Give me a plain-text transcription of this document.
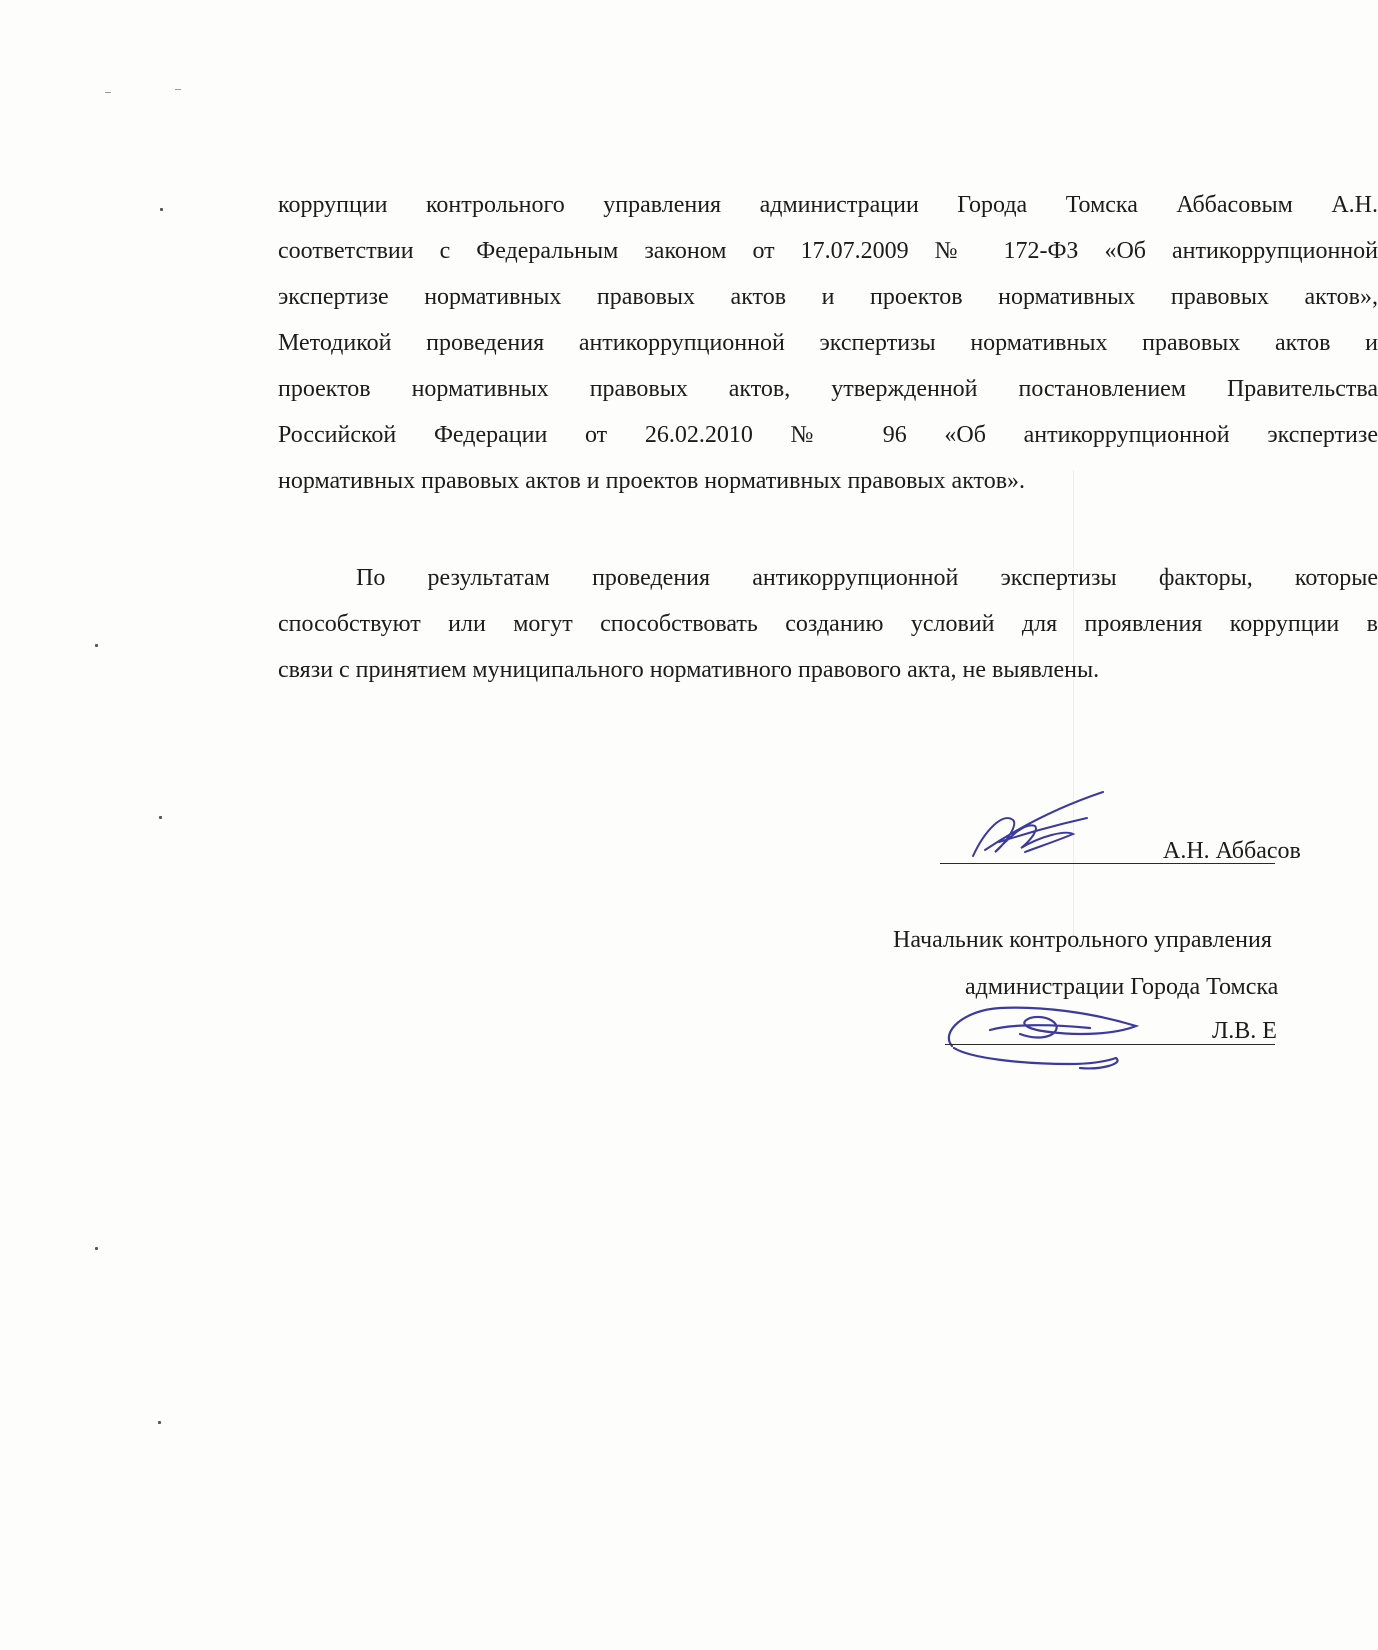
коррупции контрольного управления администрации Города Томска Аббасовым А.Н.
соответствии с Федеральным законом от 17.07.2009 № 172-ФЗ «Об антикоррупционной
экспертизе нормативных правовых актов и проектов нормативных правовых актов»,
Методикой проведения антикоррупционной экспертизы нормативных правовых актов и
проектов нормативных правовых актов, утвержденной постановлением Правительства
Российской Федерации от 26.02.2010 № 96 «Об антикоррупционной экспертизе
нормативных правовых актов и проектов нормативных правовых актов».
По результатам проведения антикоррупционной экспертизы факторы, которые
способствуют или могут способствовать созданию условий для проявления коррупции в
связи с принятием муниципального нормативного правового акта, не выявлены.
А.Н. Аббасов
Начальник контрольного управления
администрации Города Томска
Л.В. Е
